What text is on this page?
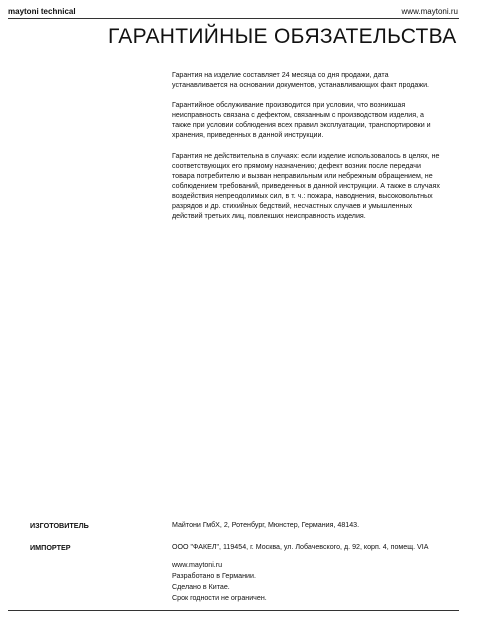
maytoni technical	www.maytoni.ru
ГАРАНТИЙНЫЕ ОБЯЗАТЕЛЬСТВА

Гарантия на изделие составляет 24 месяца со дня продажи, дата устанавливается на основании документов, устанавливающих факт продажи.

Гарантийное обслуживание производится при условии, что возникшая неисправность связана с дефектом, связанным с производством изделия, а также при условии соблюдения всех правил эксплуатации, транспортировки и хранения, приведенных в данной инструкции.

Гарантия не действительна в случаях: если изделие использовалось в целях, не соответствующих его прямому назначению; дефект возник после передачи товара потребителю и вызван неправильным или небрежным обращением, не соблюдением требований, приведенных в данной инструкции. А также в случаях воздействия непреодолимых сил, в т. ч.: пожара, наводнения, высоковольтных разрядов и др. стихийных бедствий, несчастных случаев и умышленных действий третьих лиц, повлекших неисправность изделия.

ИЗГОТОВИТЕЛЬ	Майтони ГмбХ, 2, Ротенбург, Мюнстер, Германия, 48143.
ИМПОРТЕР	ООО "ФАКЕЛ", 119454, г. Москва, ул. Лобачевского, д. 92, корп. 4, помещ. VIA
www.maytoni.ru
Разработано в Германии.
Сделано в Китае.
Срок годности не ограничен.
